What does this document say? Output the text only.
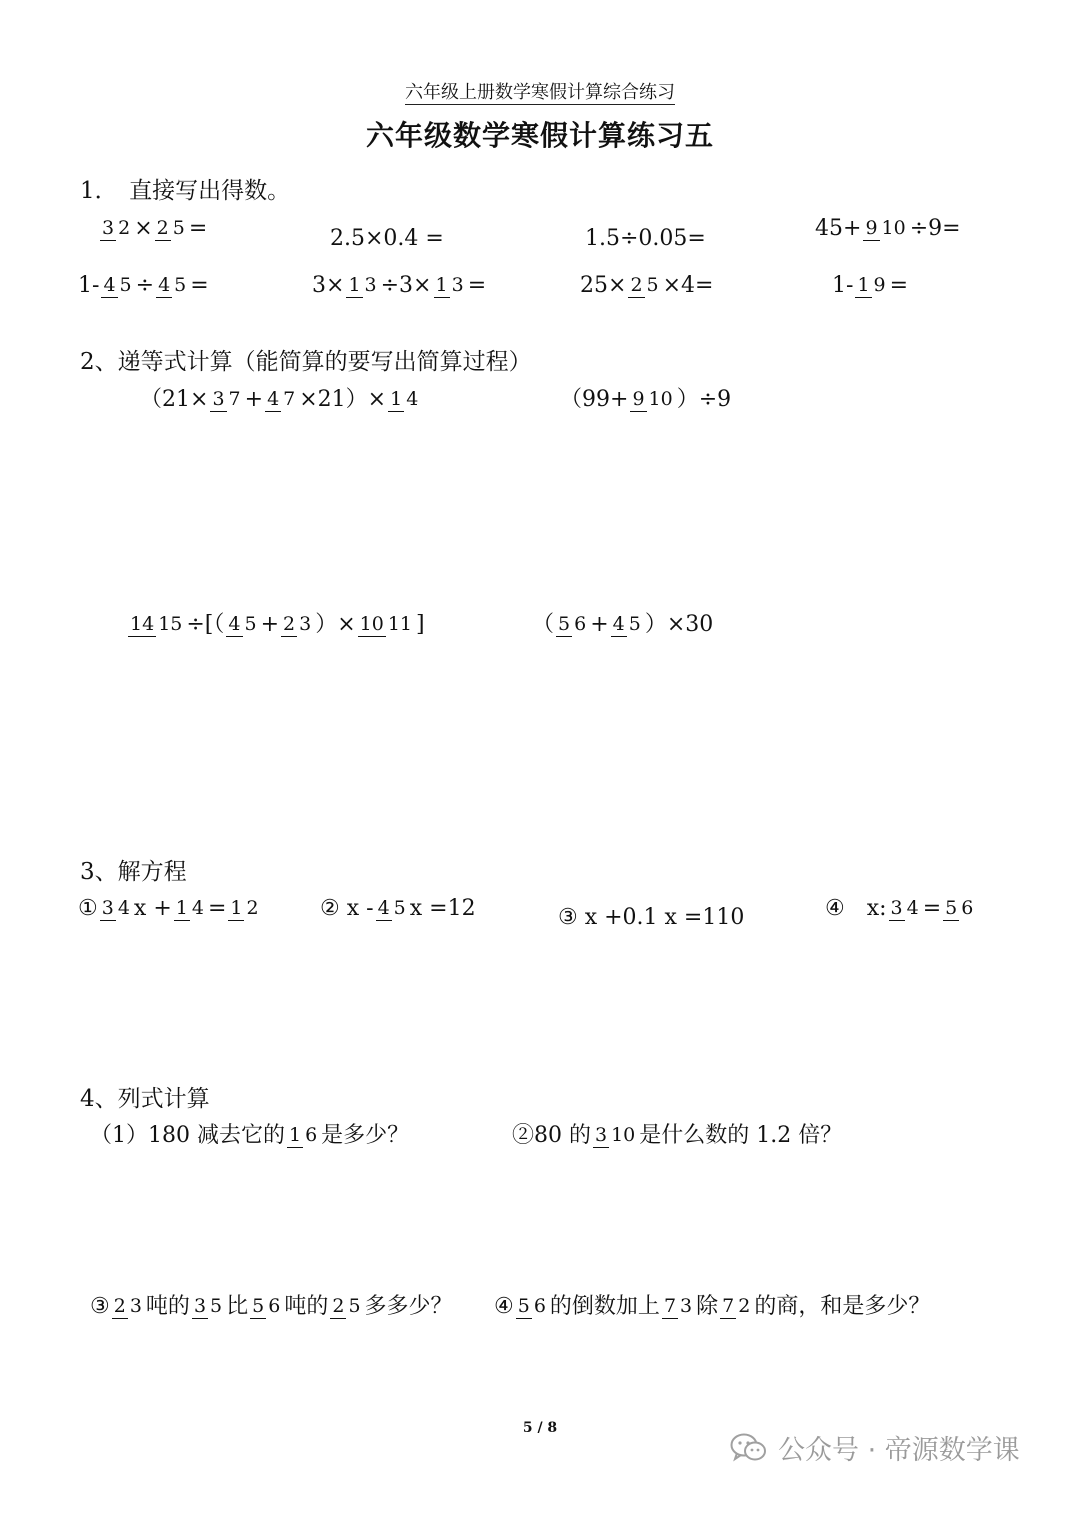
六年级上册数学寒假计算综合练习
六年级数学寒假计算练习五
1．　直接写出得数。
3 2 × 2 5 =	2.5×0.4 =	1.5÷0.05=	45+ 9 10 ÷9=
1- 4 5 ÷ 4 5 =	3× 1 3 ÷3× 1 3 =	25× 2 5 ×4=	1- 1 9 =
2、递等式计算（能简算的要写出简算过程）
（21× 3 7 + 4 7 ×21）× 1 4	（99+ 9 10 ）÷9
14 15 ÷[（ 4 5 + 2 3 ）× 10 11 ]	（ 5 6 + 4 5 ）×30
3、解方程
① 3 4 x + 1 4 = 1 2	② x - 4 5 x =12	③ x +0.1 x =110	④　x: 3 4 = 5 6
4、列式计算
（1）180 减去它的 1 6 是多少？	②80 的 3 10 是什么数的 1.2 倍？
③ 2 3 吨的 3 5 比 5 6 吨的 2 5 多多少？ ④ 5 6 的倒数加上 7 3 除 7 2 的商，和是多少？
5 / 8
公众号 · 帝源数学课
